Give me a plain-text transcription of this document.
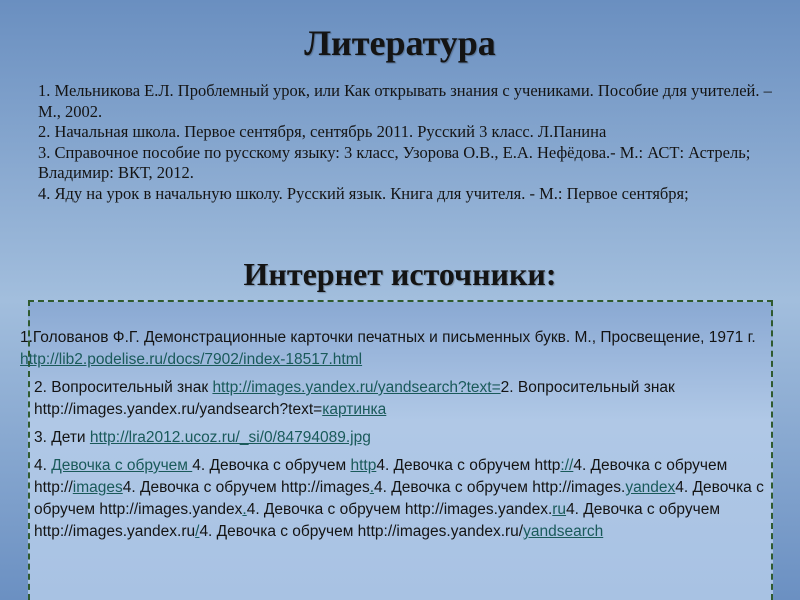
Литература
1. Мельникова Е.Л. Проблемный урок, или Как открывать знания с учениками. Пособие для учителей. – М., 2002.
2. Начальная школа. Первое сентября, сентябрь 2011. Русский 3 класс. Л.Панина
3. Справочное пособие по русскому языку: 3 класс, Узорова О.В., Е.А. Нефёдова.- М.: АСТ: Астрель; Владимир: ВКТ, 2012.
4. Яду на урок в начальную школу. Русский язык. Книга для учителя. - М.: Первое сентября;
Интернет источники:

1.Голованов Ф.Г. Демонстрационные карточки печатных и письменных букв. М., Просвещение, 1971 г. http://lib2.podelise.ru/docs/7902/index-18517.html

2. Вопросительный знак http://images.yandex.ru/yandsearch?text=2. Вопросительный знак http://images.yandex.ru/yandsearch?text=картинка

3. Дети http://lra2012.ucoz.ru/_si/0/84794089.jpg

4. Девочка с обручем 4. Девочка с обручем http4. Девочка с обручем http://4. Девочка с обручем http://images4. Девочка с обручем http://images.4. Девочка с обручем http://images.yandex4. Девочка с обручем http://images.yandex.4. Девочка с обручем http://images.yandex.ru4. Девочка с обручем http://images.yandex.ru/4. Девочка с обручем http://images.yandex.ru/yandsearch
